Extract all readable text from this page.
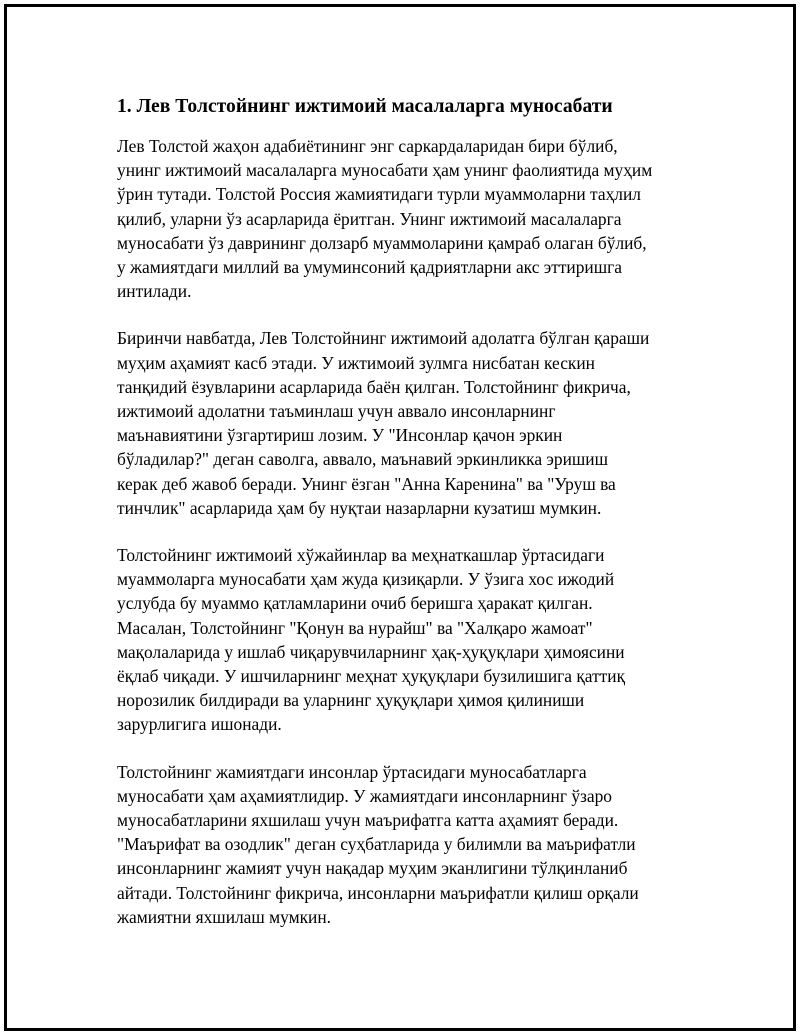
1. Лев Толстойнинг ижтимоий масалаларга муносабати

Лев Толстой жаҳон адабиётининг энг саркардаларидан бири бўлиб,
унинг ижтимоий масалаларга муносабати ҳам унинг фаолиятида муҳим
ўрин тутади. Толстой Россия жамиятидаги турли муаммоларни таҳлил
қилиб, уларни ўз асарларида ёритган. Унинг ижтимоий масалаларга
муносабати ўз даврининг долзарб муаммоларини қамраб олаган бўлиб,
у жамиятдаги миллий ва умуминсоний қадриятларни акс эттиришга
интилади.

Биринчи навбатда, Лев Толстойнинг ижтимоий адолатга бўлган қараши
муҳим аҳамият касб этади. У ижтимоий зулмга нисбатан кескин
танқидий ёзувларини асарларида баён қилган. Толстойнинг фикрича,
ижтимоий адолатни таъминлаш учун аввало инсонларнинг
маънавиятини ўзгартириш лозим. У "Инсонлар қачон эркин
бўладилар?" деган саволга, аввало, маънавий эркинликка эришиш
керак деб жавоб беради. Унинг ёзган "Анна Каренина" ва "Уруш ва
тинчлик" асарларида ҳам бу нуқтаи назарларни кузатиш мумкин.

Толстойнинг ижтимоий хўжайинлар ва меҳнаткашлар ўртасидаги
муаммоларга муносабати ҳам жуда қизиқарли. У ўзига хос ижодий
услубда бу муаммо қатламларини очиб беришга ҳаракат қилган.
Масалан, Толстойнинг "Қонун ва нурайш" ва "Халқаро жамоат"
мақолаларида у ишлаб чиқарувчиларнинг ҳақ-ҳуқуқлари ҳимоясини
ёқлаб чиқади. У ишчиларнинг меҳнат ҳуқуқлари бузилишига қаттиқ
норозилик билдиради ва уларнинг ҳуқуқлари ҳимоя қилиниши
зарурлигига ишонади.

Толстойнинг жамиятдаги инсонлар ўртасидаги муносабатларга
муносабати ҳам аҳамиятлидир. У жамиятдаги инсонларнинг ўзаро
муносабатларини яхшилаш учун маърифатга катта аҳамият беради.
"Маърифат ва озодлик" деган суҳбатларида у билимли ва маърифатли
инсонларнинг жамият учун нақадар муҳим эканлигини тўлқинланиб
айтади. Толстойнинг фикрича, инсонларни маърифатли қилиш орқали
жамиятни яхшилаш мумкин.
